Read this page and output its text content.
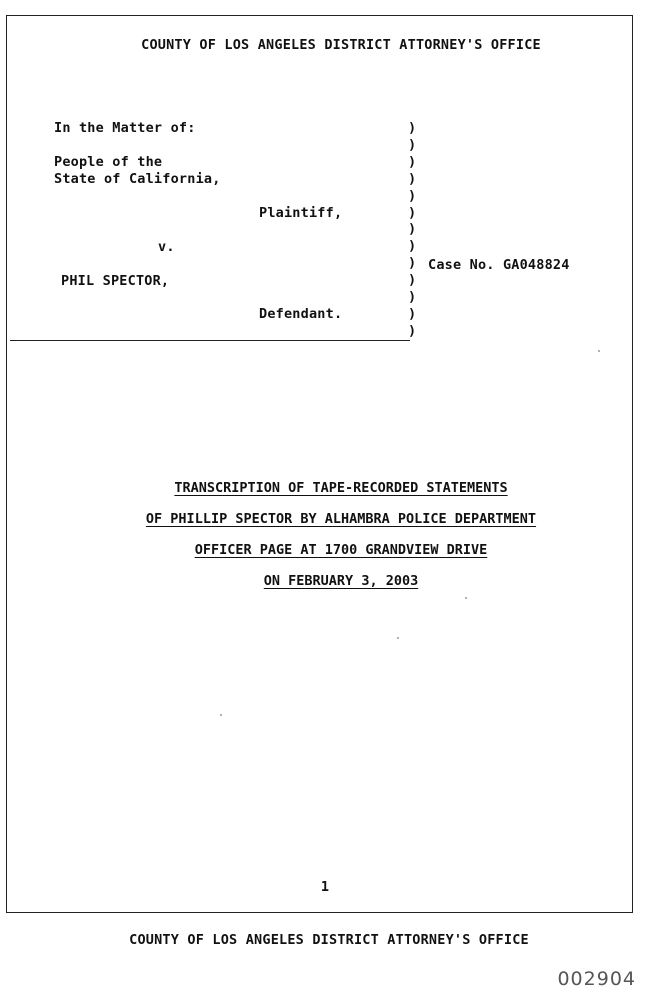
COUNTY OF LOS ANGELES DISTRICT ATTORNEY'S OFFICE
In the Matter of:
People of the
State of California,
Plaintiff,
v.
PHIL SPECTOR,
Defendant.
)
)
)
)
)
)
)
)
)
)
)
)
)
Case No. GA048824
TRANSCRIPTION OF TAPE-RECORDED STATEMENTS
OF PHILLIP SPECTOR BY ALHAMBRA POLICE DEPARTMENT
OFFICER PAGE AT 1700 GRANDVIEW DRIVE
ON FEBRUARY 3, 2003
1
COUNTY OF LOS ANGELES DISTRICT ATTORNEY'S OFFICE
002904
